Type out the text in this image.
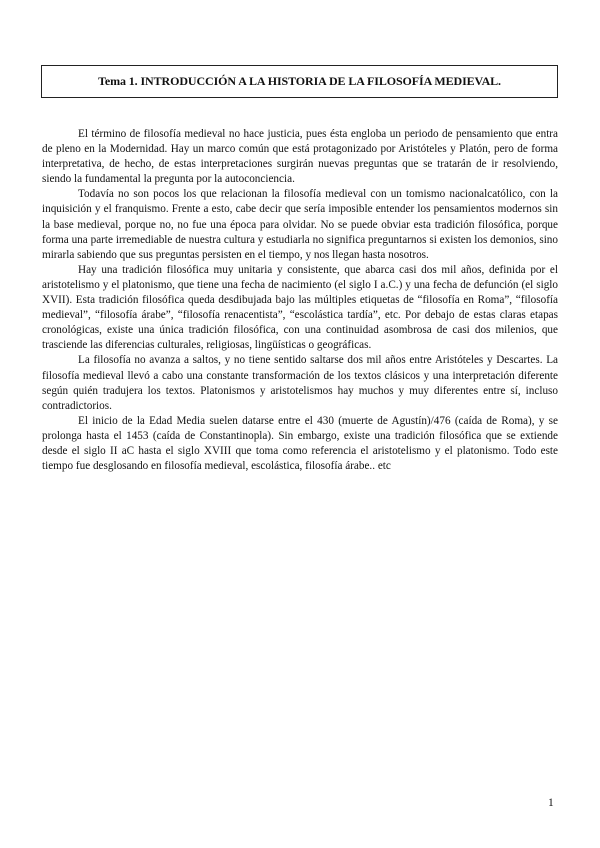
Tema 1. INTRODUCCIÓN A LA HISTORIA DE LA FILOSOFÍA MEDIEVAL.

El término de filosofía medieval no hace justicia, pues ésta engloba un periodo de pensamiento que entra de pleno en la Modernidad. Hay un marco común que está protagonizado por Aristóteles y Platón, pero de forma interpretativa, de hecho, de estas interpretaciones surgirán nuevas preguntas que se tratarán de ir resolviendo, siendo la fundamental la pregunta por la autoconciencia.

Todavía no son pocos los que relacionan la filosofía medieval con un tomismo nacionalcatólico, con la inquisición y el franquismo. Frente a esto, cabe decir que sería imposible entender los pensamientos modernos sin la base medieval, porque no, no fue una época para olvidar. No se puede obviar esta tradición filosófica, porque forma una parte irremediable de nuestra cultura y estudiarla no significa preguntarnos si existen los demonios, sino mirarla sabiendo que sus preguntas persisten en el tiempo, y nos llegan hasta nosotros.

Hay una tradición filosófica muy unitaria y consistente, que abarca casi dos mil años, definida por el aristotelismo y el platonismo, que tiene una fecha de nacimiento (el siglo I a.C.) y una fecha de defunción (el siglo XVII). Esta tradición filosófica queda desdibujada bajo las múltiples etiquetas de “filosofía en Roma”, “filosofía medieval”, “filosofía árabe”, “filosofía renacentista”, “escolástica tardía”, etc. Por debajo de estas claras etapas cronológicas, existe una única tradición filosófica, con una continuidad asombrosa de casi dos milenios, que trasciende las diferencias culturales, religiosas, lingüísticas o geográficas.

La filosofía no avanza a saltos, y no tiene sentido saltarse dos mil años entre Aristóteles y Descartes. La filosofía medieval llevó a cabo una constante transformación de los textos clásicos y una interpretación diferente según quién tradujera los textos. Platonismos y aristotelismos hay muchos y muy diferentes entre sí, incluso contradictorios.

El inicio de la Edad Media suelen datarse entre el 430 (muerte de Agustín)/476 (caída de Roma), y se prolonga hasta el 1453 (caída de Constantinopla). Sin embargo, existe una tradición filosófica que se extiende desde el siglo II aC hasta el siglo XVIII que toma como referencia el aristotelismo y el platonismo. Todo este tiempo fue desglosando en filosofía medieval, escolástica, filosofía árabe.. etc

1
